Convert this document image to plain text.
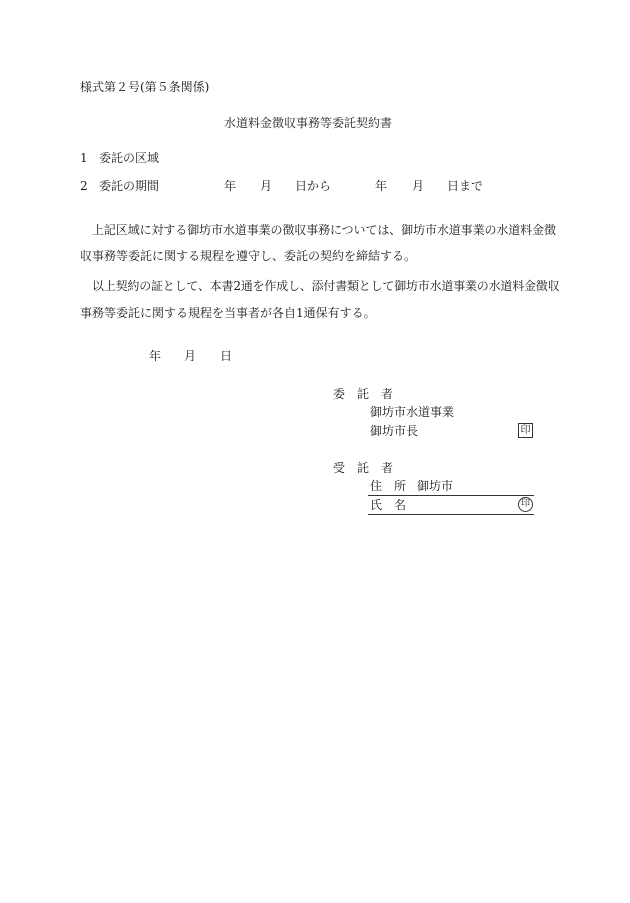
様式第２号(第５条関係)
水道料金徴収事務等委託契約書
1 委託の区域
2 委託の期間	年 月 日から	年 月 日まで
上記区域に対する御坊市水道事業の徴収事務については、御坊市水道事業の水道料金徴
収事務等委託に関する規程を遵守し、委託の契約を締結する。
以上契約の証として、本書2通を作成し、添付書類として御坊市水道事業の水道料金徴収
事務等委託に関する規程を当事者が各自1通保有する。
年 月 日
委　託　者
御坊市水道事業
御坊市長	印
受　託　者
住　所 御坊市
氏　名	印
